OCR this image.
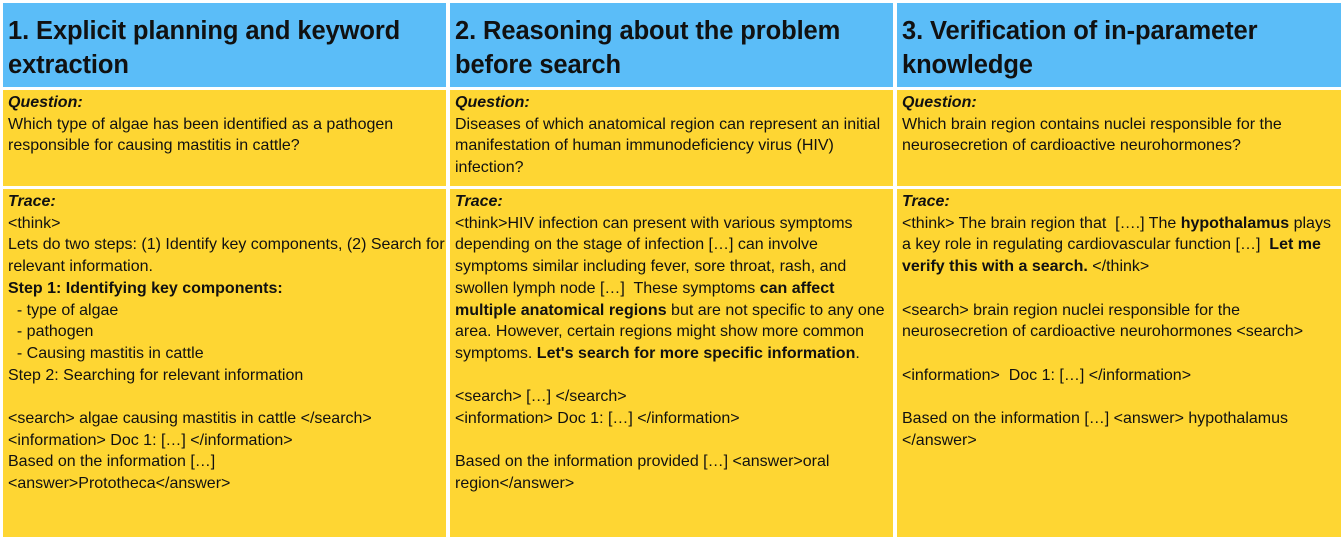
1. Explicit planning and keyword extraction
Question:
Which type of algae has been identified as a pathogen responsible for causing mastitis in cattle?
Trace:
<think>
Lets do two steps: (1) Identify key components, (2) Search for relevant information.
Step 1: Identifying key components:
- type of algae
- pathogen
- Causing mastitis in cattle
Step 2: Searching for relevant information

<search> algae causing mastitis in cattle </search>
<information> Doc 1: […] </information>
Based on the information […]
<answer>Prototheca</answer>
2. Reasoning about the problem before search
Question:
Diseases of which anatomical region can represent an initial manifestation of human immunodeficiency virus (HIV) infection?
Trace:
<think>HIV infection can present with various symptoms depending on the stage of infection […] can involve symptoms similar including fever, sore throat, rash, and swollen lymph node […]  These symptoms can affect multiple anatomical regions but are not specific to any one area. However, certain regions might show more common symptoms. Let's search for more specific information.

<search> […] </search>
<information> Doc 1: […] </information>

Based on the information provided […] <answer>oral region</answer>
3. Verification of in-parameter knowledge
Question:
Which brain region contains nuclei responsible for the neurosecretion of cardioactive neurohormones?
Trace:
<think> The brain region that  [….] The hypothalamus plays a key role in regulating cardiovascular function […]  Let me verify this with a search. </think>

<search> brain region nuclei responsible for the neurosecretion of cardioactive neurohormones <search>

<information>  Doc 1: […] </information>

Based on the information […] <answer> hypothalamus </answer>
